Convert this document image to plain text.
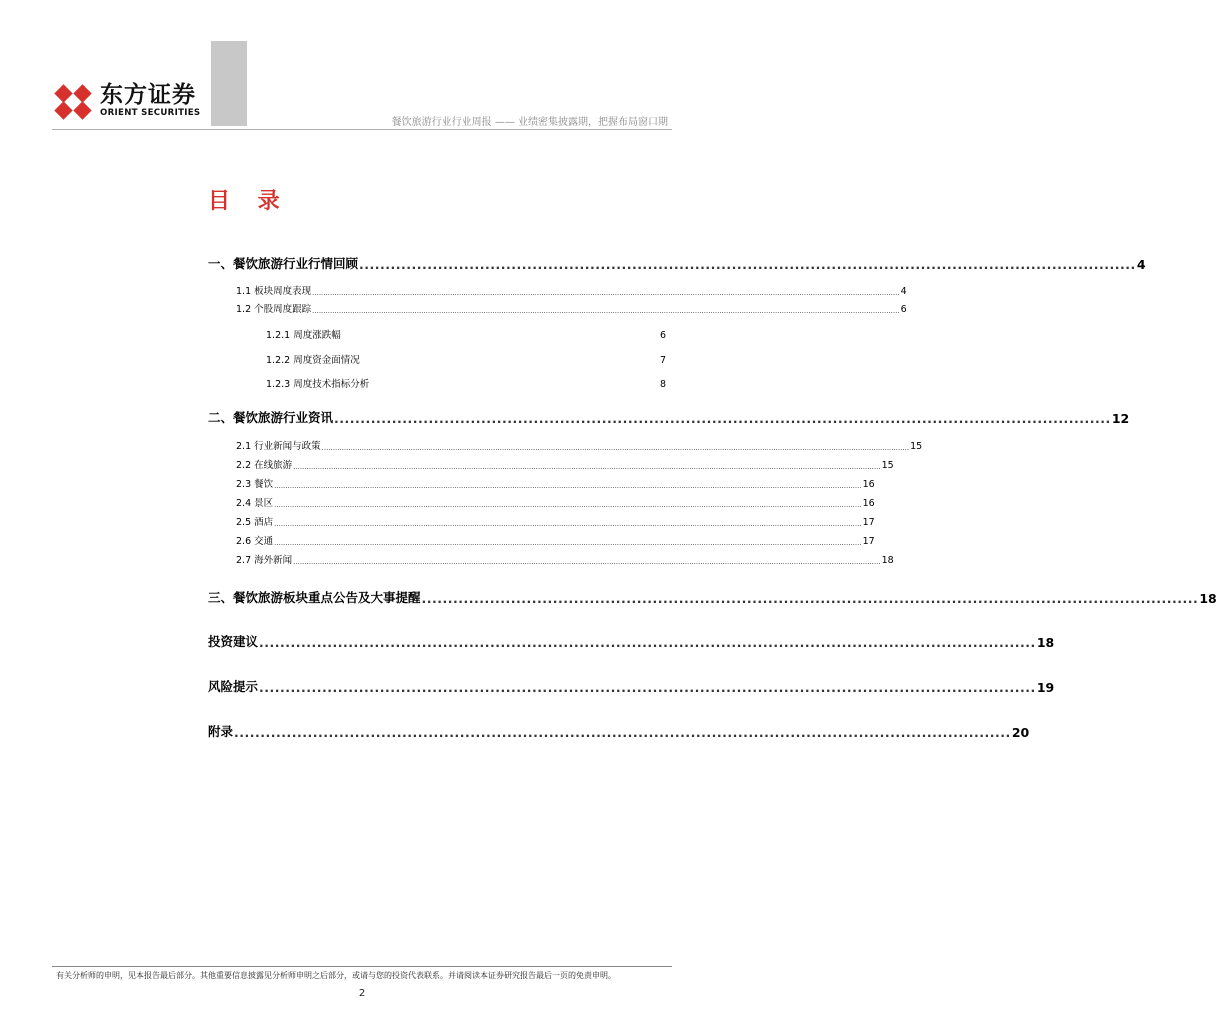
东方证券
ORIENT SECURITIES
餐饮旅游行业行业周报 —— 业绩密集披露期，把握布局窗口期
目 录
一、餐饮旅游行业行情回顾 .................................................................................................................................................... 4
1.1 板块周度表现 ........................................................................................................................................................................................................................................................................ 4
1.2 个股周度跟踪 ........................................................................................................................................................................................................................................................................ 6
1.2.1 周度涨跌幅	6
1.2.2 周度资金面情况	7
1.2.3 周度技术指标分析	8
二、餐饮旅游行业资讯 .................................................................................................................................................... 12
2.1 行业新闻与政策 ........................................................................................................................................................................................................................................................................ 15
2.2 在线旅游 ........................................................................................................................................................................................................................................................................ 15
2.3 餐饮 ........................................................................................................................................................................................................................................................................ 16
2.4 景区 ........................................................................................................................................................................................................................................................................ 16
2.5 酒店 ........................................................................................................................................................................................................................................................................ 17
2.6 交通 ........................................................................................................................................................................................................................................................................ 17
2.7 海外新闻 ........................................................................................................................................................................................................................................................................ 18
三、餐饮旅游板块重点公告及大事提醒 .................................................................................................................................................... 18
投资建议 .................................................................................................................................................... 18
风险提示 .................................................................................................................................................... 19
附录 .................................................................................................................................................... 20
有关分析师的申明，见本报告最后部分。其他重要信息披露见分析师申明之后部分，或请与您的投资代表联系。并请阅读本证券研究报告最后一页的免责申明。
2
